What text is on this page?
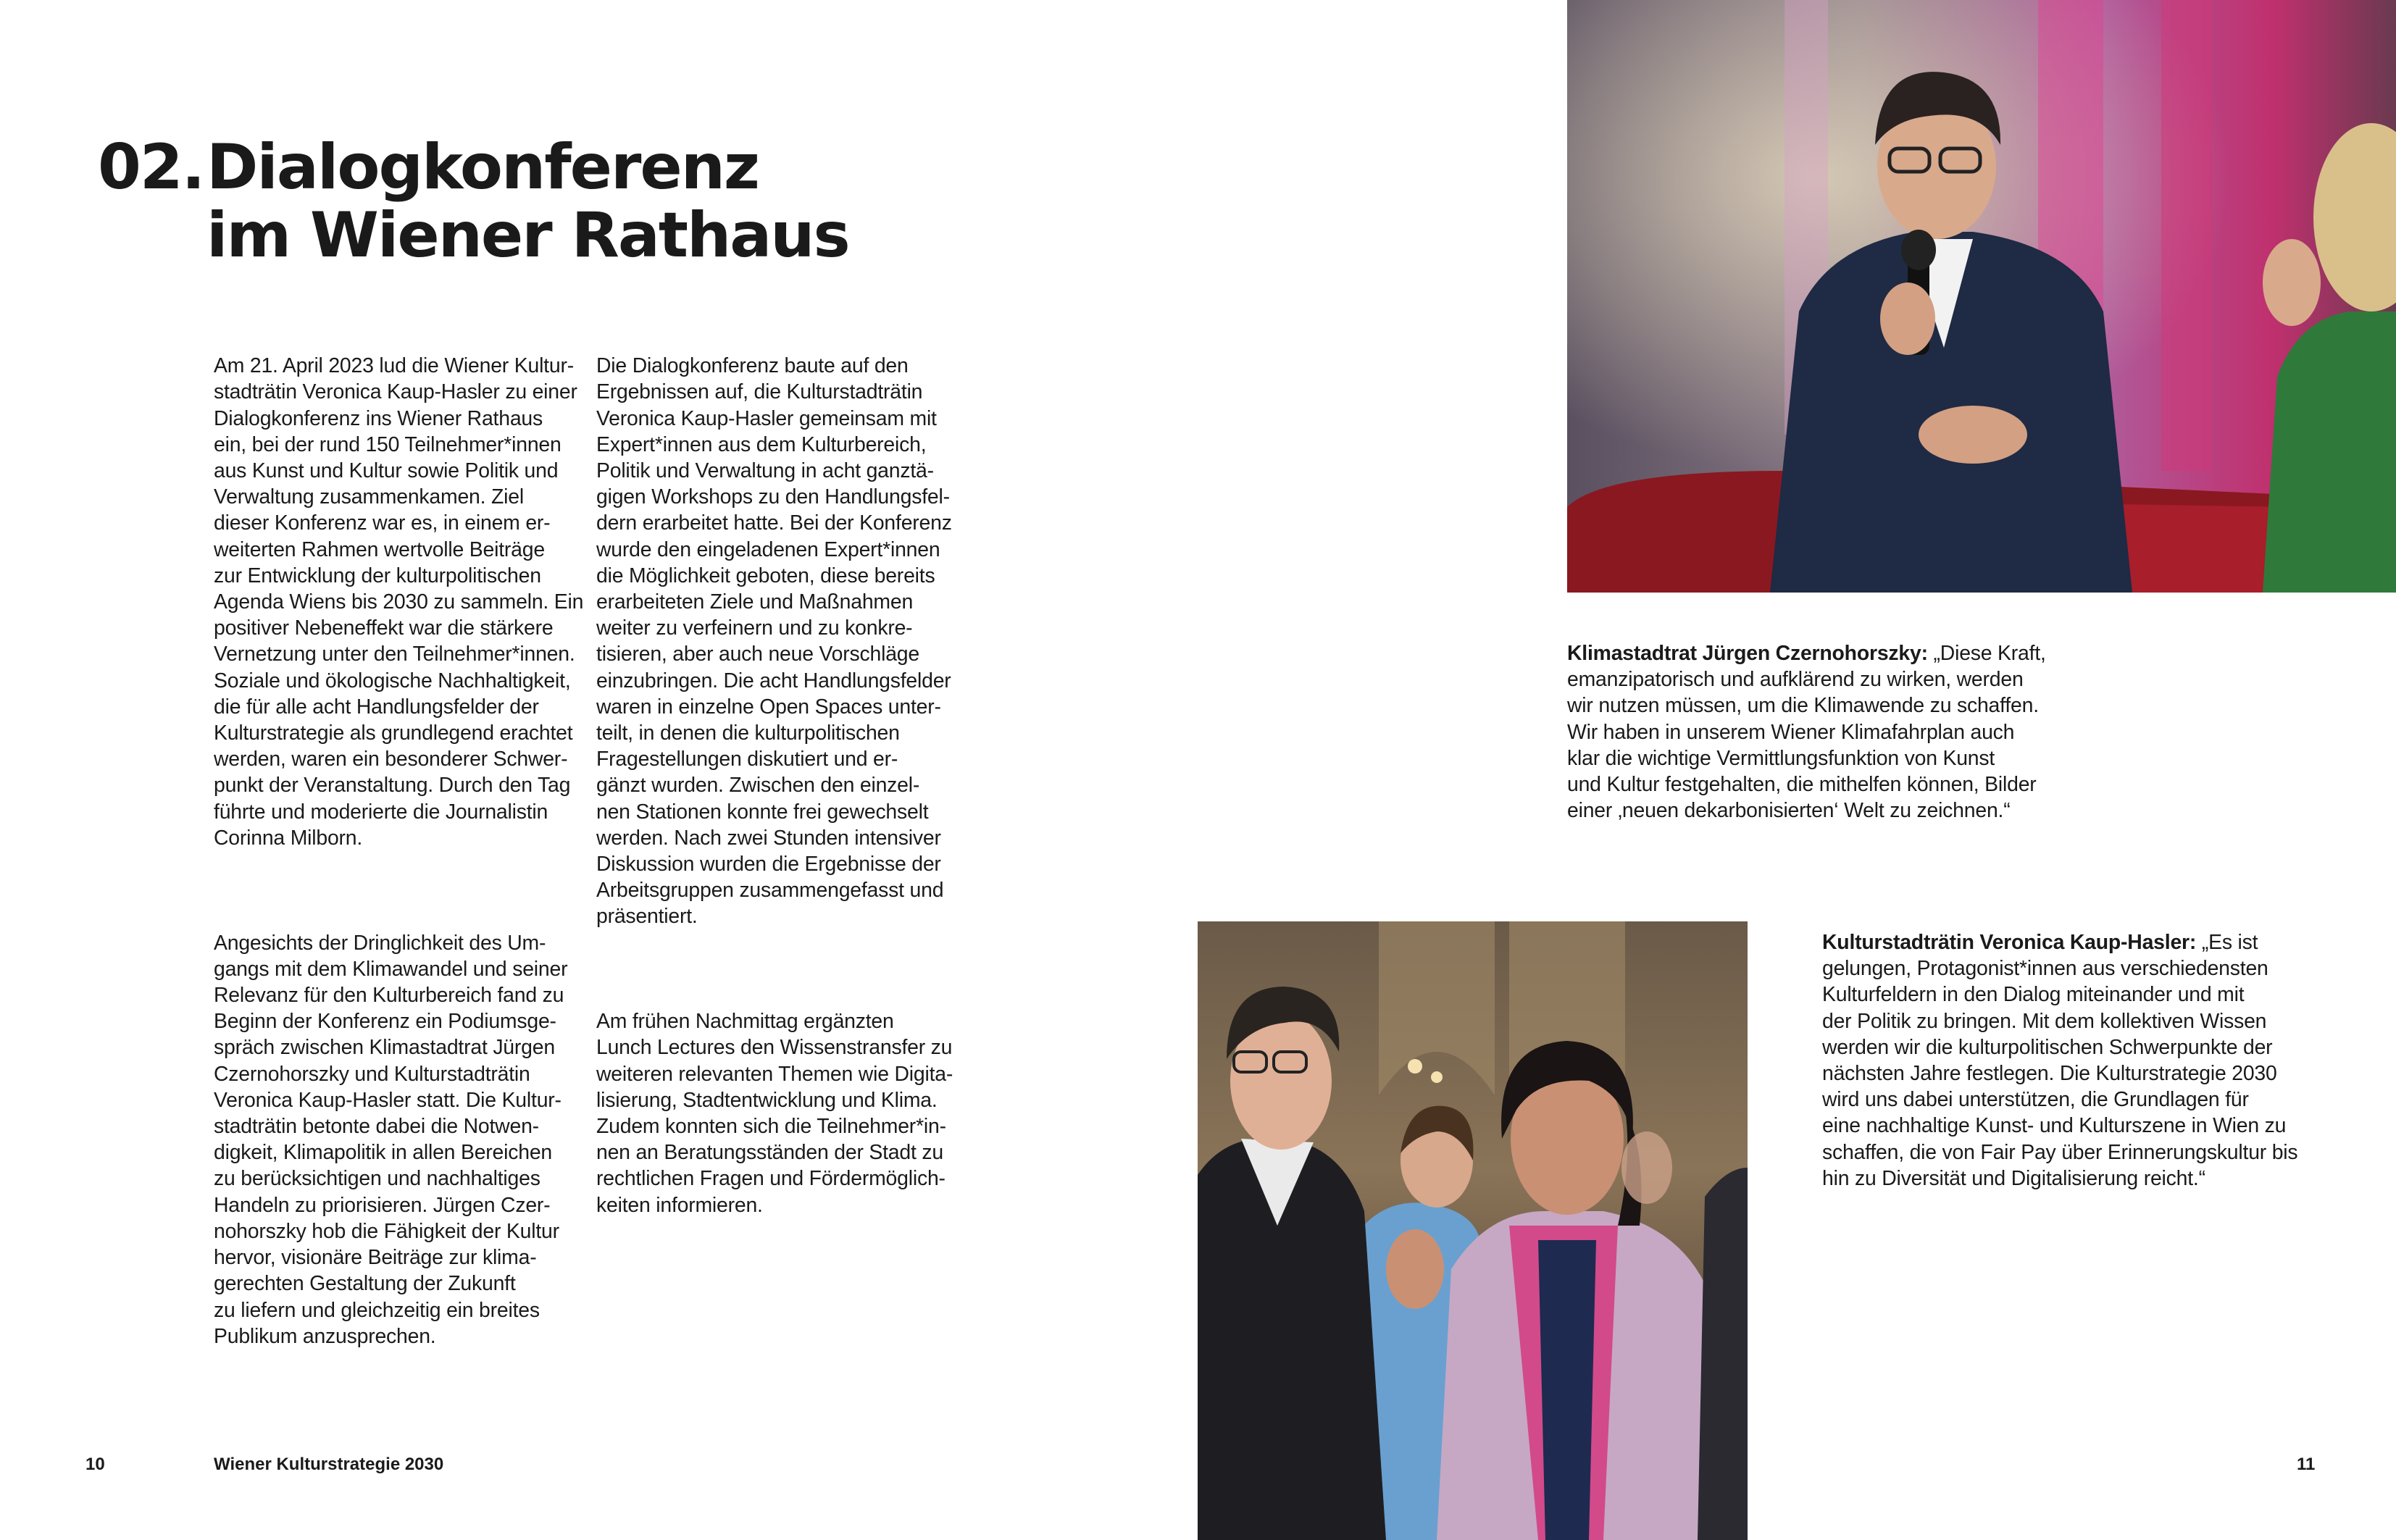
02. Dialogkonferenz
im Wiener Rathaus

Am 21. April 2023 lud die Wiener Kultur-
stadträtin Veronica Kaup-Hasler zu einer
Dialogkonferenz ins Wiener Rathaus
ein, bei der rund 150 Teilnehmer*innen
aus Kunst und Kultur sowie Politik und
Verwaltung zusammenkamen. Ziel
dieser Konferenz war es, in einem er-
weiterten Rahmen wertvolle Beiträge
zur Entwicklung der kulturpolitischen
Agenda Wiens bis 2030 zu sammeln. Ein
positiver Nebeneffekt war die stärkere
Vernetzung unter den Teilnehmer*innen.
Soziale und ökologische Nachhaltigkeit,
die für alle acht Handlungsfelder der
Kulturstrategie als grundlegend erachtet
werden, waren ein besonderer Schwer-
punkt der Veranstaltung. Durch den Tag
führte und moderierte die Journalistin
Corinna Milborn.

Angesichts der Dringlichkeit des Um-
gangs mit dem Klimawandel und seiner
Relevanz für den Kulturbereich fand zu
Beginn der Konferenz ein Podiumsge-
spräch zwischen Klimastadtrat Jürgen
Czernohorszky und Kulturstadträtin
Veronica Kaup-Hasler statt. Die Kultur-
stadträtin betonte dabei die Notwen-
digkeit, Klimapolitik in allen Bereichen
zu berücksichtigen und nachhaltiges
Handeln zu priorisieren. Jürgen Czer-
nohorszky hob die Fähigkeit der Kultur
hervor, visionäre Beiträge zur klima-
gerechten Gestaltung der Zukunft
zu liefern und gleichzeitig ein breites
Publikum anzusprechen.

Die Dialogkonferenz baute auf den
Ergebnissen auf, die Kulturstadträtin
Veronica Kaup-Hasler gemeinsam mit
Expert*innen aus dem Kulturbereich,
Politik und Verwaltung in acht ganztä-
gigen Workshops zu den Handlungsfel-
dern erarbeitet hatte. Bei der Konferenz
wurde den eingeladenen Expert*innen
die Möglichkeit geboten, diese bereits
erarbeiteten Ziele und Maßnahmen
weiter zu verfeinern und zu konkre-
tisieren, aber auch neue Vorschläge
einzubringen. Die acht Handlungsfelder
waren in einzelne Open Spaces unter-
teilt, in denen die kulturpolitischen
Fragestellungen diskutiert und er-
gänzt wurden. Zwischen den einzel-
nen Stationen konnte frei gewechselt
werden. Nach zwei Stunden intensiver
Diskussion wurden die Ergebnisse der
Arbeitsgruppen zusammengefasst und
präsentiert.

Am frühen Nachmittag ergänzten
Lunch Lectures den Wissenstransfer zu
weiteren relevanten Themen wie Digita-
lisierung, Stadtentwicklung und Klima.
Zudem konnten sich die Teilnehmer*in-
nen an Beratungsständen der Stadt zu
rechtlichen Fragen und Fördermöglich-
keiten informieren.

Klimastadtrat Jürgen Czernohorszky: „Diese Kraft,
emanzipatorisch und aufklärend zu wirken, werden
wir nutzen müssen, um die Klimawende zu schaffen.
Wir haben in unserem Wiener Klimafahrplan auch
klar die wichtige Vermittlungsfunktion von Kunst
und Kultur festgehalten, die mithelfen können, Bilder
einer ‚neuen dekarbonisierten‘ Welt zu zeichnen.“
Kulturstadträtin Veronica Kaup-Hasler: „Es ist
gelungen, Protagonist*innen aus verschiedensten
Kulturfeldern in den Dialog miteinander und mit
der Politik zu bringen. Mit dem kollektiven Wissen
werden wir die kulturpolitischen Schwerpunkte der
nächsten Jahre festlegen. Die Kulturstrategie 2030
wird uns dabei unterstützen, die Grundlagen für
eine nachhaltige Kunst- und Kulturszene in Wien zu
schaffen, die von Fair Pay über Erinnerungskultur bis
hin zu Diversität und Digitalisierung reicht.“
10	Wiener Kulturstrategie 2030	11
